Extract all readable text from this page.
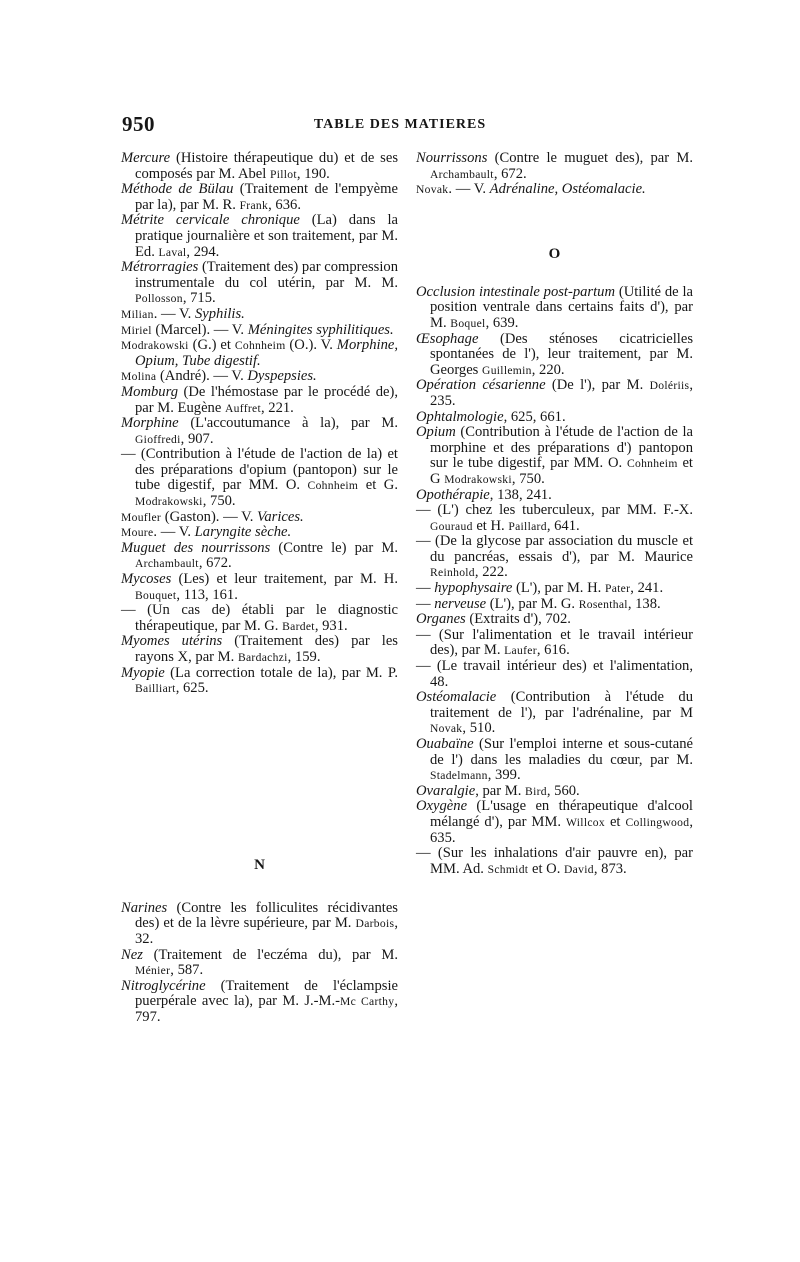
950	TABLE DES MATIERES
Mercure (Histoire thérapeutique du) et de ses composés par M. Abel Pillot, 190.
Méthode de Bülau (Traitement de l'empyème par la), par M. R. Frank, 636.
Métrite cervicale chronique (La) dans la pratique journalière et son traitement, par M. Ed. Laval, 294.
Métrorragies (Traitement des) par compression instrumentale du col utérin, par M. M. Pollosson, 715.
Milian. — V. Syphilis.
Miriel (Marcel). — V. Méningites syphilitiques.
Modrakowski (G.) et Cohnheim (O.). V. Morphine, Opium, Tube digestif.
Molina (André). — V. Dyspepsies.
Momburg (De l'hémostase par le procédé de), par M. Eugène Auffret, 221.
Morphine (L'accoutumance à la), par M. Gioffredi, 907.
— (Contribution à l'étude de l'action de la) et des préparations d'opium (pantopon) sur le tube digestif, par MM. O. Cohnheim et G. Modrakowski, 750.
Moufler (Gaston). — V. Varices.
Moure. — V. Laryngite sèche.
Muguet des nourrissons (Contre le) par M. Archambault, 672.
Mycoses (Les) et leur traitement, par M. H. Bouquet, 113, 161.
— (Un cas de) établi par le diagnostic thérapeutique, par M. G. Bardet, 931.
Myomes utérins (Traitement des) par les rayons X, par M. Bardachzi, 159.
Myopie (La correction totale de la), par M. P. Bailliart, 625.
N
Narines (Contre les folliculites récidivantes des) et de la lèvre supérieure, par M. Darbois, 32.
Nez (Traitement de l'eczéma du), par M. Ménier, 587.
Nitroglycérine (Traitement de l'éclampsie puerpérale avec la), par M. J.-M.-Mc Carthy, 797.
Nourrissons (Contre le muguet des), par M. Archambault, 672.
Novak. — V. Adrénaline, Ostéomalacie.
O
Occlusion intestinale post-partum (Utilité de la position ventrale dans certains faits d'), par M. Boquel, 639.
Œsophage (Des sténoses cicatricielles spontanées de l'), leur traitement, par M. Georges Guillemin, 220.
Opération césarienne (De l'), par M. Dolériis, 235.
Ophtalmologie, 625, 661.
Opium (Contribution à l'étude de l'action de la morphine et des préparations d') pantopon sur le tube digestif, par MM. O. Cohnheim et G Modrakowski, 750.
Opothérapie, 138, 241.
— (L') chez les tuberculeux, par MM. F.-X. Gouraud et H. Paillard, 641.
— (De la glycose par association du muscle et du pancréas, essais d'), par M. Maurice Reinhold, 222.
— hypophysaire (L'), par M. H. Pater, 241.
— nerveuse (L'), par M. G. Rosenthal, 138.
Organes (Extraits d'), 702.
— (Sur l'alimentation et le travail intérieur des), par M. Laufer, 616.
— (Le travail intérieur des) et l'alimentation, 48.
Ostéomalacie (Contribution à l'étude du traitement de l'), par l'adrénaline, par M Novak, 510.
Ouabaïne (Sur l'emploi interne et sous-cutané de l') dans les maladies du cœur, par M. Stadelmann, 399.
Ovaralgie, par M. Bird, 560.
Oxygène (L'usage en thérapeutique d'alcool mélangé d'), par MM. Willcox et Collingwood, 635.
— (Sur les inhalations d'air pauvre en), par MM. Ad. Schmidt et O. David, 873.
